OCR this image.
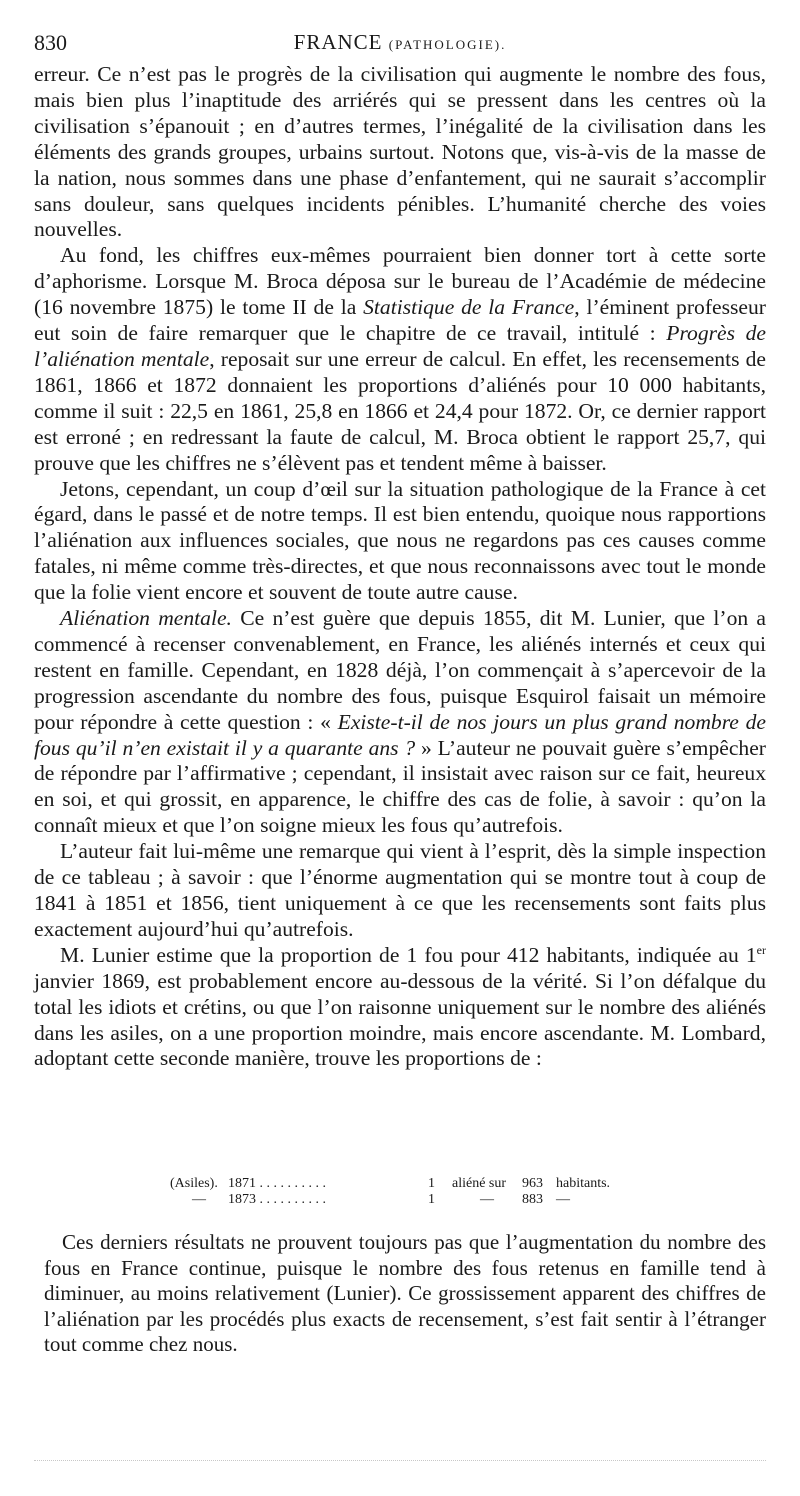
830	FRANCE (PATHOLOGIE).

erreur. Ce n’est pas le progrès de la civilisation qui augmente le nombre des fous, mais bien plus l’inaptitude des arriérés qui se pressent dans les centres où la civilisation s’épanouit ; en d’autres termes, l’inégalité de la civilisation dans les éléments des grands groupes, urbains surtout. Notons que, vis-à-vis de la masse de la nation, nous sommes dans une phase d’enfantement, qui ne saurait s’accomplir sans douleur, sans quelques incidents pénibles. L’humanité cherche des voies nouvelles.

Au fond, les chiffres eux-mêmes pourraient bien donner tort à cette sorte d’aphorisme. Lorsque M. Broca déposa sur le bureau de l’Académie de médecine (16 novembre 1875) le tome II de la Statistique de la France, l’éminent professeur eut soin de faire remarquer que le chapitre de ce travail, intitulé : Progrès de l’aliénation mentale, reposait sur une erreur de calcul. En effet, les recensements de 1861, 1866 et 1872 donnaient les proportions d’aliénés pour 10 000 habitants, comme il suit : 22,5 en 1861, 25,8 en 1866 et 24,4 pour 1872. Or, ce dernier rapport est erroné ; en redressant la faute de calcul, M. Broca obtient le rapport 25,7, qui prouve que les chiffres ne s’élèvent pas et tendent même à baisser.

Jetons, cependant, un coup d’œil sur la situation pathologique de la France à cet égard, dans le passé et de notre temps. Il est bien entendu, quoique nous rapportions l’aliénation aux influences sociales, que nous ne regardons pas ces causes comme fatales, ni même comme très-directes, et que nous reconnaissons avec tout le monde que la folie vient encore et souvent de toute autre cause.

Aliénation mentale. Ce n’est guère que depuis 1855, dit M. Lunier, que l’on a commencé à recenser convenablement, en France, les aliénés internés et ceux qui restent en famille. Cependant, en 1828 déjà, l’on commençait à s’apercevoir de la progression ascendante du nombre des fous, puisque Esquirol faisait un mémoire pour répondre à cette question : « Existe-t-il de nos jours un plus grand nombre de fous qu’il n’en existait il y a quarante ans ? » L’auteur ne pouvait guère s’empêcher de répondre par l’affirmative ; cependant, il insistait avec raison sur ce fait, heureux en soi, et qui grossit, en apparence, le chiffre des cas de folie, à savoir : qu’on la connaît mieux et que l’on soigne mieux les fous qu’autrefois.

L’auteur fait lui-même une remarque qui vient à l’esprit, dès la simple inspection de ce tableau ; à savoir : que l’énorme augmentation qui se montre tout à coup de 1841 à 1851 et 1856, tient uniquement à ce que les recensements sont faits plus exactement aujourd’hui qu’autrefois.

M. Lunier estime que la proportion de 1 fou pour 412 habitants, indiquée au 1er janvier 1869, est probablement encore au-dessous de la vérité. Si l’on défalque du total les idiots et crétins, ou que l’on raisonne uniquement sur le nombre des aliénés dans les asiles, on a une proportion moindre, mais encore ascendante. M. Lombard, adoptant cette seconde manière, trouve les proportions de :

(Asiles). 1871 . . . . . . . . . .	1	aliéné sur	963 habitants.
—	1873 . . . . . . . . . .	1	—	883 —

Ces derniers résultats ne prouvent toujours pas que l’augmentation du nombre des fous en France continue, puisque le nombre des fous retenus en famille tend à diminuer, au moins relativement (Lunier). Ce grossissement apparent des chiffres de l’aliénation par les procédés plus exacts de recensement, s’est fait sentir à l’étranger tout comme chez nous.
